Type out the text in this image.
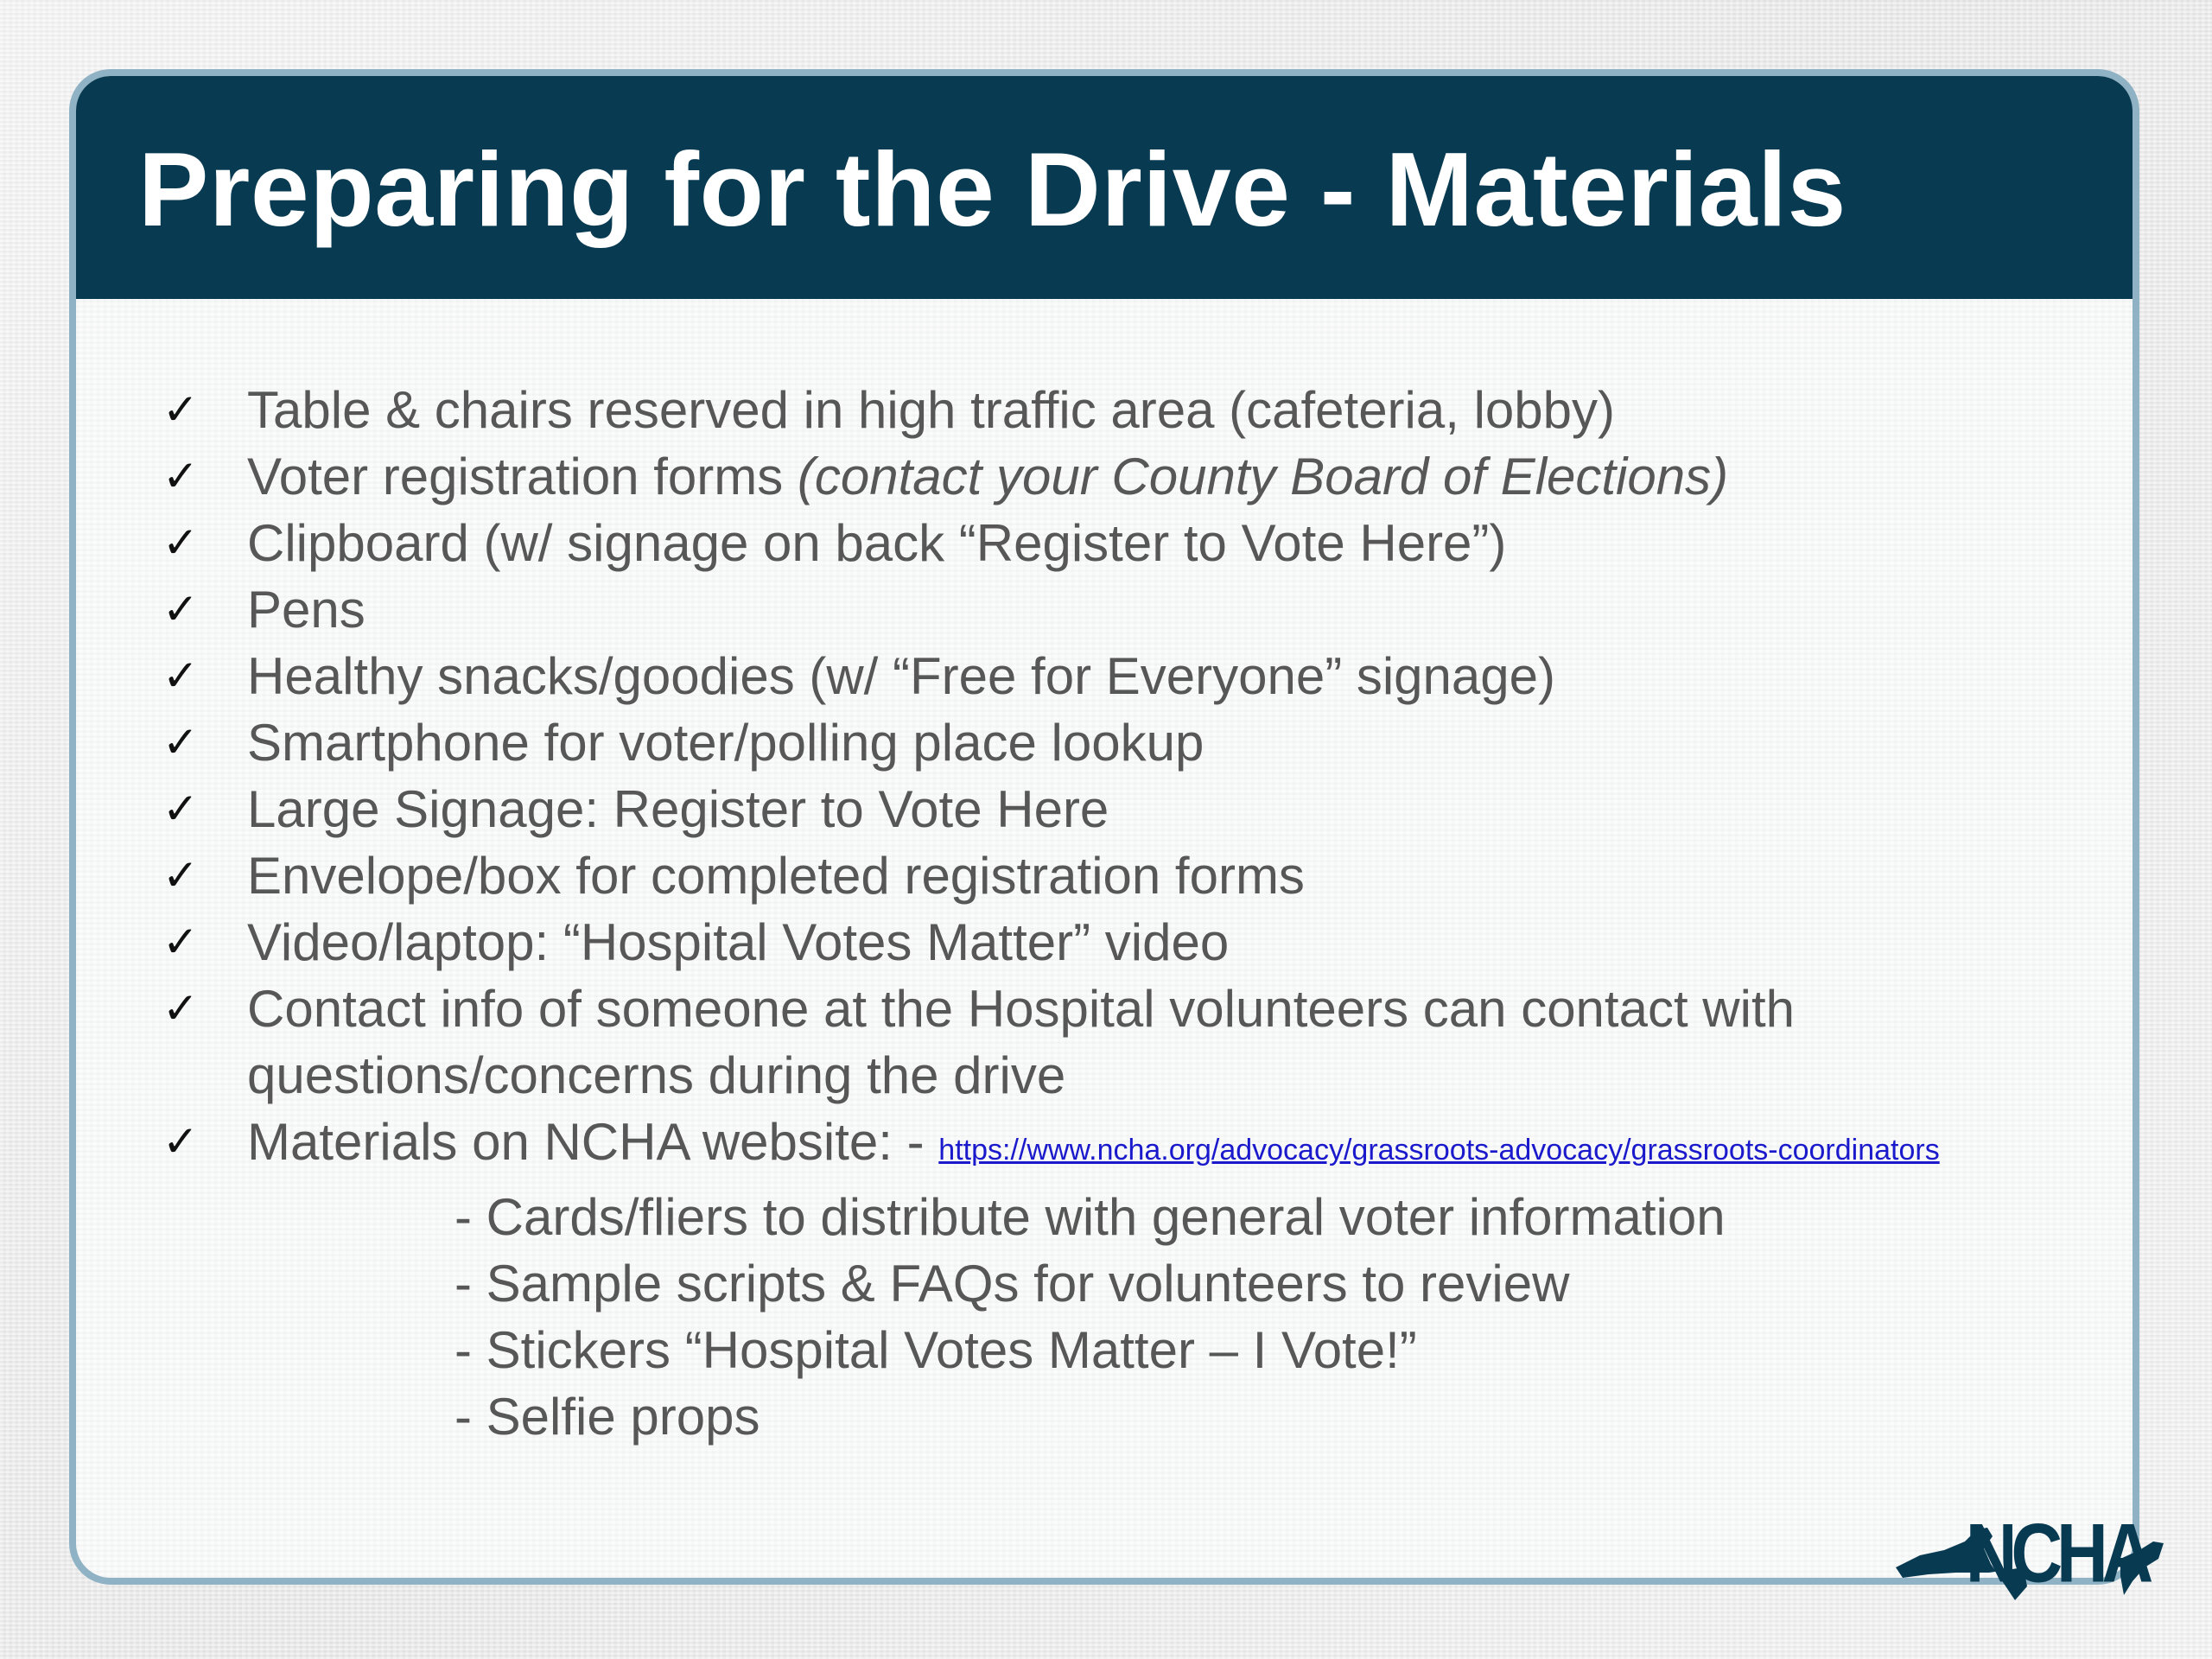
Preparing for the Drive - Materials
✓ Table & chairs reserved in high traffic area (cafeteria, lobby)
✓ Voter registration forms (contact your County Board of Elections)
✓ Clipboard (w/ signage on back “Register to Vote Here”)
✓ Pens
✓ Healthy snacks/goodies (w/ “Free for Everyone” signage)
✓ Smartphone for voter/polling place lookup
✓ Large Signage: Register to Vote Here
✓ Envelope/box for completed registration forms
✓ Video/laptop: “Hospital Votes Matter” video
✓ Contact info of someone at the Hospital volunteers can contact with questions/concerns during the drive
✓ Materials on NCHA website: - https://www.ncha.org/advocacy/grassroots-advocacy/grassroots-coordinators
- Cards/fliers to distribute with general voter information
- Sample scripts & FAQs for volunteers to review
- Stickers “Hospital Votes Matter – I Vote!”
- Selfie props
NCHA
